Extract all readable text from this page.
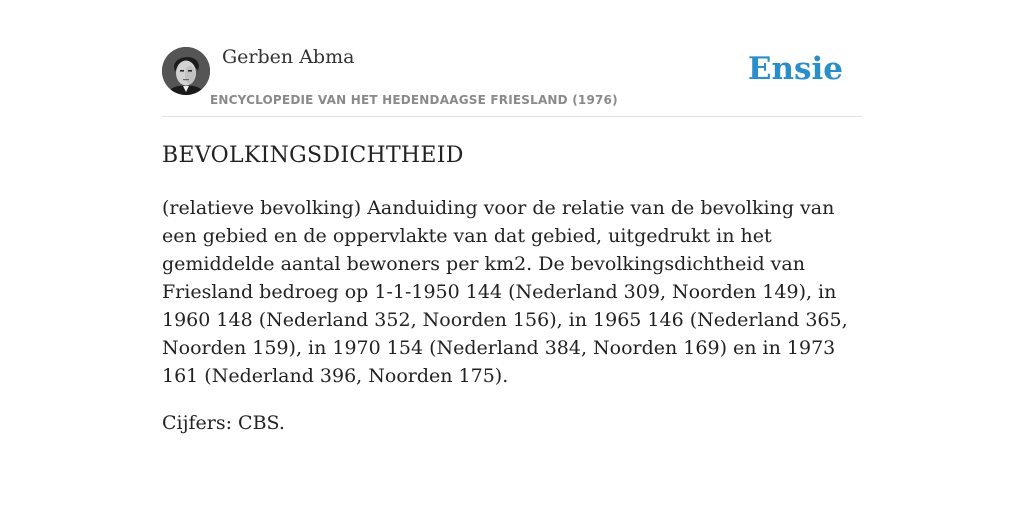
Gerben Abma
ENCYCLOPEDIE VAN HET HEDENDAAGSE FRIESLAND (1976)
Ensie
BEVOLKINGSDICHTHEID

(relatieve bevolking) Aanduiding voor de relatie van de bevolking van een gebied en de oppervlakte van dat gebied, uitgedrukt in het gemiddelde aantal bewoners per km2. De bevolkingsdichtheid van Friesland bedroeg op 1-1-1950 144 (Nederland 309, Noorden 149), in 1960 148 (Nederland 352, Noorden 156), in 1965 146 (Nederland 365, Noorden 159), in 1970 154 (Nederland 384, Noorden 169) en in 1973 161 (Nederland 396, Noorden 175).

Cijfers: CBS.
